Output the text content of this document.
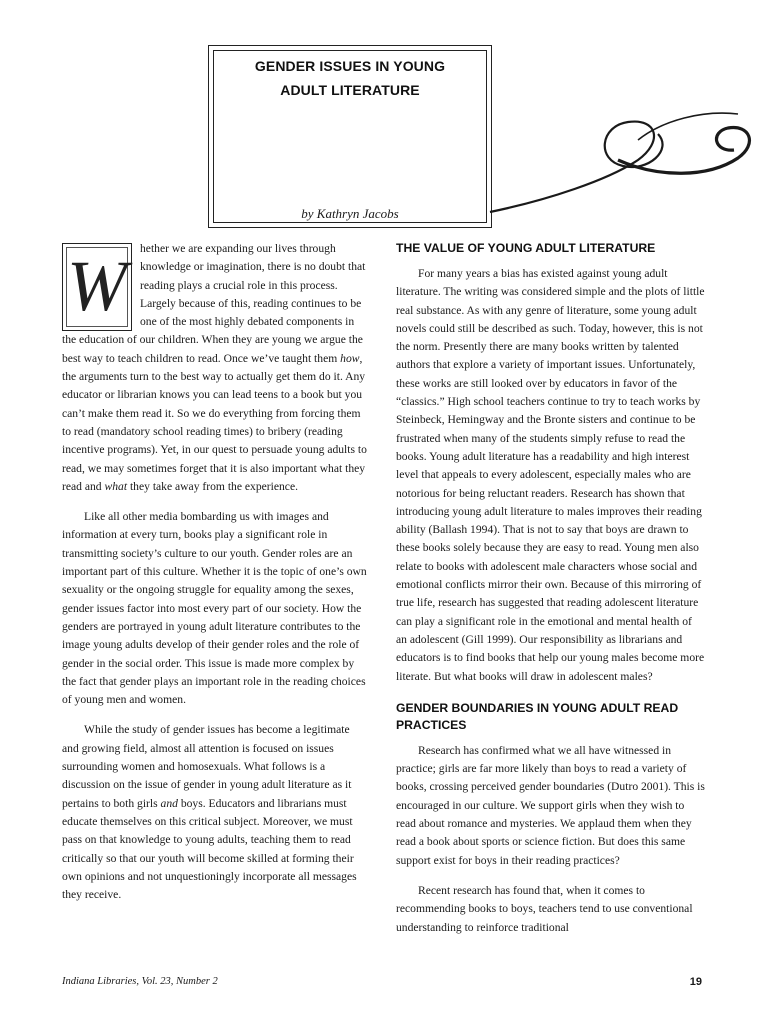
GENDER ISSUES IN YOUNG
ADULT LITERATURE
by Kathryn Jacobs

W	hether we are expanding our lives through knowledge or imagination, there is no doubt that reading plays a crucial role in this process. Largely because of this, reading continues to be one of the most highly debated components in the education of our children. When they are young we argue the best way to teach children to read. Once we’ve taught them how, the arguments turn to the best way to actually get them do it. Any educator or librarian knows you can lead teens to a book but you can’t make them read it. So we do everything from forcing them to read (mandatory school reading times) to bribery (reading incentive programs). Yet, in our quest to persuade young adults to read, we may sometimes forget that it is also important what they read and what they take away from the experience.

Like all other media bombarding us with images and information at every turn, books play a significant role in transmitting society’s culture to our youth. Gender roles are an important part of this culture. Whether it is the topic of one’s own sexuality or the ongoing struggle for equality among the sexes, gender issues factor into most every part of our society. How the genders are portrayed in young adult literature contributes to the image young adults develop of their gender roles and the role of gender in the social order. This issue is made more complex by the fact that gender plays an important role in the reading choices of young men and women.

While the study of gender issues has become a legitimate and growing field, almost all attention is focused on issues surrounding women and homosexuals. What follows is a discussion on the issue of gender in young adult literature as it pertains to both girls and boys. Educators and librarians must educate themselves on this critical subject. Moreover, we must pass on that knowledge to young adults, teaching them to read critically so that our youth will become skilled at forming their own opinions and not unquestioningly incorporate all messages they receive.

THE VALUE OF YOUNG ADULT LITERATURE

For many years a bias has existed against young adult literature. The writing was considered simple and the plots of little real substance. As with any genre of literature, some young adult novels could still be described as such. Today, however, this is not the norm. Presently there are many books written by talented authors that explore a variety of important issues. Unfortunately, these works are still looked over by educators in favor of the “classics.” High school teachers continue to try to teach works by Steinbeck, Hemingway and the Bronte sisters and continue to be frustrated when many of the students simply refuse to read the books. Young adult literature has a readability and high interest level that appeals to every adolescent, especially males who are notorious for being reluctant readers. Research has shown that introducing young adult literature to males improves their reading ability (Ballash 1994). That is not to say that boys are drawn to these books solely because they are easy to read. Young men also relate to books with adolescent male characters whose social and emotional conflicts mirror their own. Because of this mirroring of true life, research has suggested that reading adolescent literature can play a significant role in the emotional and mental health of an adolescent (Gill 1999). Our responsibility as librarians and educators is to find books that help our young males become more literate. But what books will draw in adolescent males?

GENDER BOUNDARIES IN YOUNG ADULT READ PRACTICES

Research has confirmed what we all have witnessed in practice; girls are far more likely than boys to read a variety of books, crossing perceived gender boundaries (Dutro 2001). This is encouraged in our culture. We support girls when they wish to read about romance and mysteries. We applaud them when they read a book about sports or science fiction. But does this same support exist for boys in their reading practices?

Recent research has found that, when it comes to recommending books to boys, teachers tend to use conventional understanding to reinforce traditional

Indiana Libraries, Vol. 23, Number 2	19
